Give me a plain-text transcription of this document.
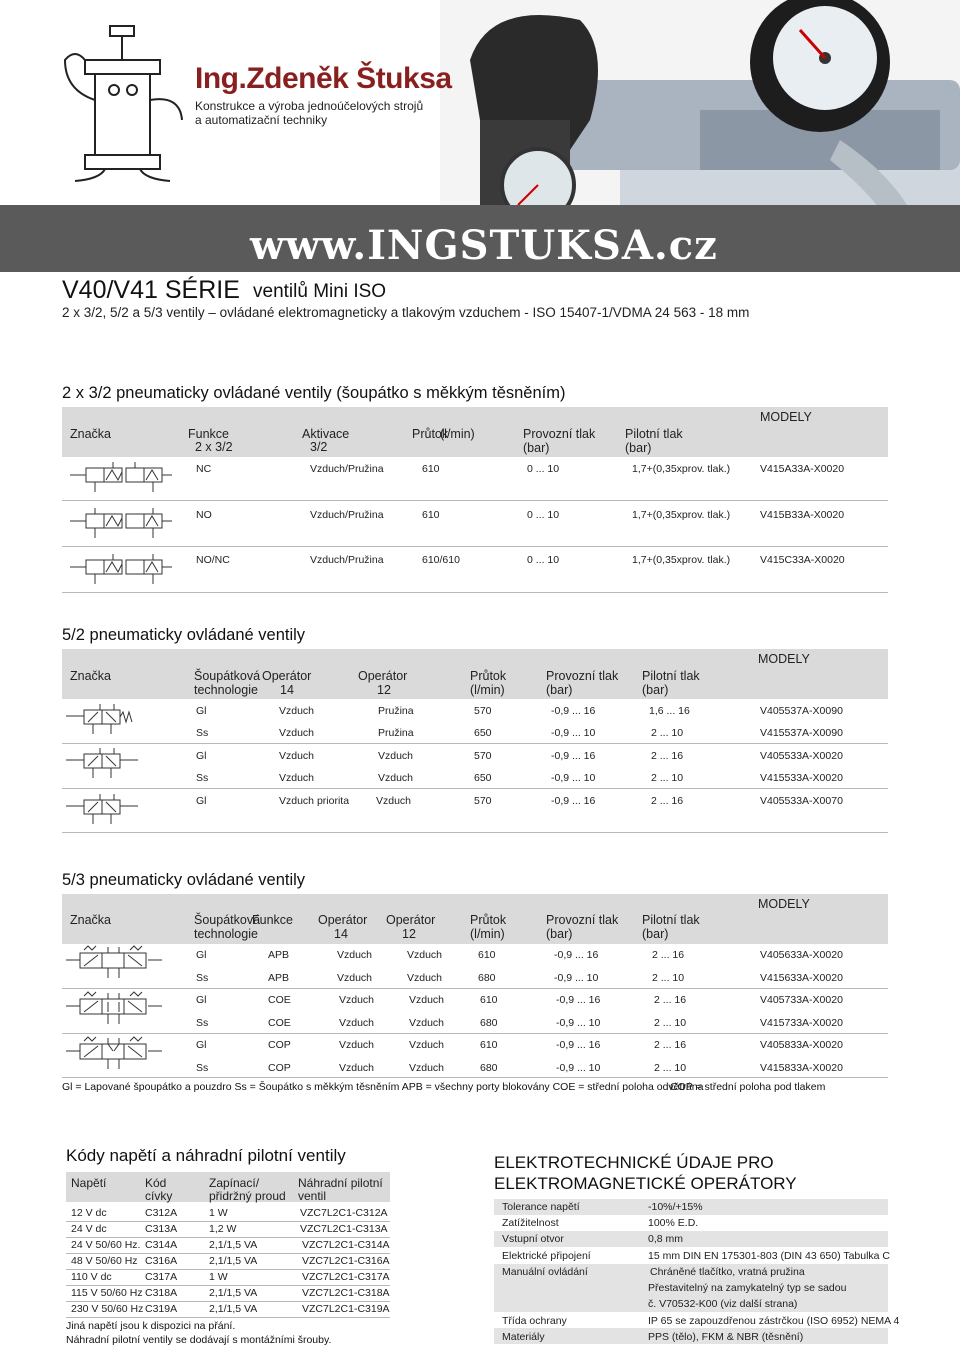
Ing.Zdeněk Štuksa
Konstrukce a výroba jednoúčelových strojů
a automatizační techniky
www.INGSTUKSA.cz
V40/V41 SÉRIE ventilů Mini ISO
2 x 3/2, 5/2 a 5/3 ventily – ovládané elektromagneticky a tlakovým vzduchem - ISO 15407-1/VDMA 24 563 - 18 mm
2 x 3/2 pneumaticky ovládané ventily (šoupátko s měkkým těsněním)
Značka	Funkce
2 x 3/2
Aktivace
3/2
Průtok
(l/min)	Provozní tlak
(bar)
Pilotní tlak
(bar)
MODELY
NC	Vzduch/Pružina	610	0 ... 10	1,7+(0,35xprov. tlak.)	V415A33A-X0020
NO	Vzduch/Pružina	610	0 ... 10	1,7+(0,35xprov. tlak.)	V415B33A-X0020
NO/NC	Vzduch/Pružina	610/610	0 ... 10	1,7+(0,35xprov. tlak.)	V415C33A-X0020
5/2 pneumaticky ovládané ventily
Značka	Šoupátková
technologie
Operátor
14
Operátor
12
Průtok
(l/min)
Provozní tlak
(bar)
Pilotní tlak
(bar)
MODELY
Gl	Vzduch	Pružina	570	-0,9 ... 16	1,6 ... 16	V405537A-X0090
Ss	Vzduch	Pružina	650	-0,9 ... 10	2 ... 10	V415537A-X0090
Gl	Vzduch	Vzduch	570	-0,9 ... 16	2 ... 16	V405533A-X0020
Ss	Vzduch	Vzduch	650	-0,9 ... 10	2 ... 10	V415533A-X0020
Gl	Vzduch priorita	Vzduch	570	-0,9 ... 16	2 ... 16	V405533A-X0070
5/3 pneumaticky ovládané ventily
Značka	Šoupátková
technologie
Funkce Operátor
14
Operátor
12
Průtok
(l/min)
Provozní tlak
(bar)
Pilotní tlak
(bar)
MODELY
Gl	APB	Vzduch	Vzduch	610	-0,9 ... 16	2 ... 16	V405633A-X0020
Ss	APB	Vzduch	Vzduch	680	-0,9 ... 10	2 ... 10	V415633A-X0020
Gl	COE	Vzduch	Vzduch	610	-0,9 ... 16	2 ... 16	V405733A-X0020
Ss	COE	Vzduch	Vzduch	680	-0,9 ... 10	2 ... 10	V415733A-X0020
Gl	COP	Vzduch	Vzduch	610	-0,9 ... 16	2 ... 16	V405833A-X0020
Ss	COP	Vzduch	Vzduch	680	-0,9 ... 10	2 ... 10	V415833A-X0020
Gl = Lapované špoupátko a pouzdro Ss = Šoupátko s měkkým těsněním APB = všechny porty blokovány COE = střední poloha odvětrána
COP = střední poloha pod tlakem
Kódy napětí a náhradní pilotní ventily
Napětí	Kód
cívky
Zapínací/
přidržný proud
Náhradní pilotní
ventil
12 V dc	C312A	1 W	VZC7L2C1-C312A
24 V dc	C313A	1,2 W	VZC7L2C1-C313A
24 V 50/60 Hz. C314A	2,1/1,5 VA	VZC7L2C1-C314A
48 V 50/60 Hz C316A	2,1/1,5 VA	VZC7L2C1-C316A
110 V dc	C317A	1 W	VZC7L2C1-C317A
115 V 50/60 Hz C318A	2,1/1,5 VA	VZC7L2C1-C318A
230 V 50/60 Hz C319A	2,1/1,5 VA	VZC7L2C1-C319A
Jiná napětí jsou k dispozici na přání.
Náhradní pilotní ventily se dodávají s montážními šrouby.
ELEKTROTECHNICKÉ ÚDAJE PRO
ELEKTROMAGNETICKÉ OPERÁTORY
Tolerance napětí	-10%/+15%
Zatížitelnost	100% E.D.
Vstupní otvor	0,8 mm
Elektrické připojení	15 mm DIN EN 175301-803 (DIN 43 650) Tabulka C
Manuální ovládání	Chráněné tlačítko, vratná pružina
Přestavitelný na zamykatelný typ se sadou
č. V70532-K00 (viz další strana)
Třída ochrany	IP 65 se zapouzdřenou zástrčkou (ISO 6952) NEMA 4
Materiály	PPS (tělo), FKM & NBR (těsnění)
